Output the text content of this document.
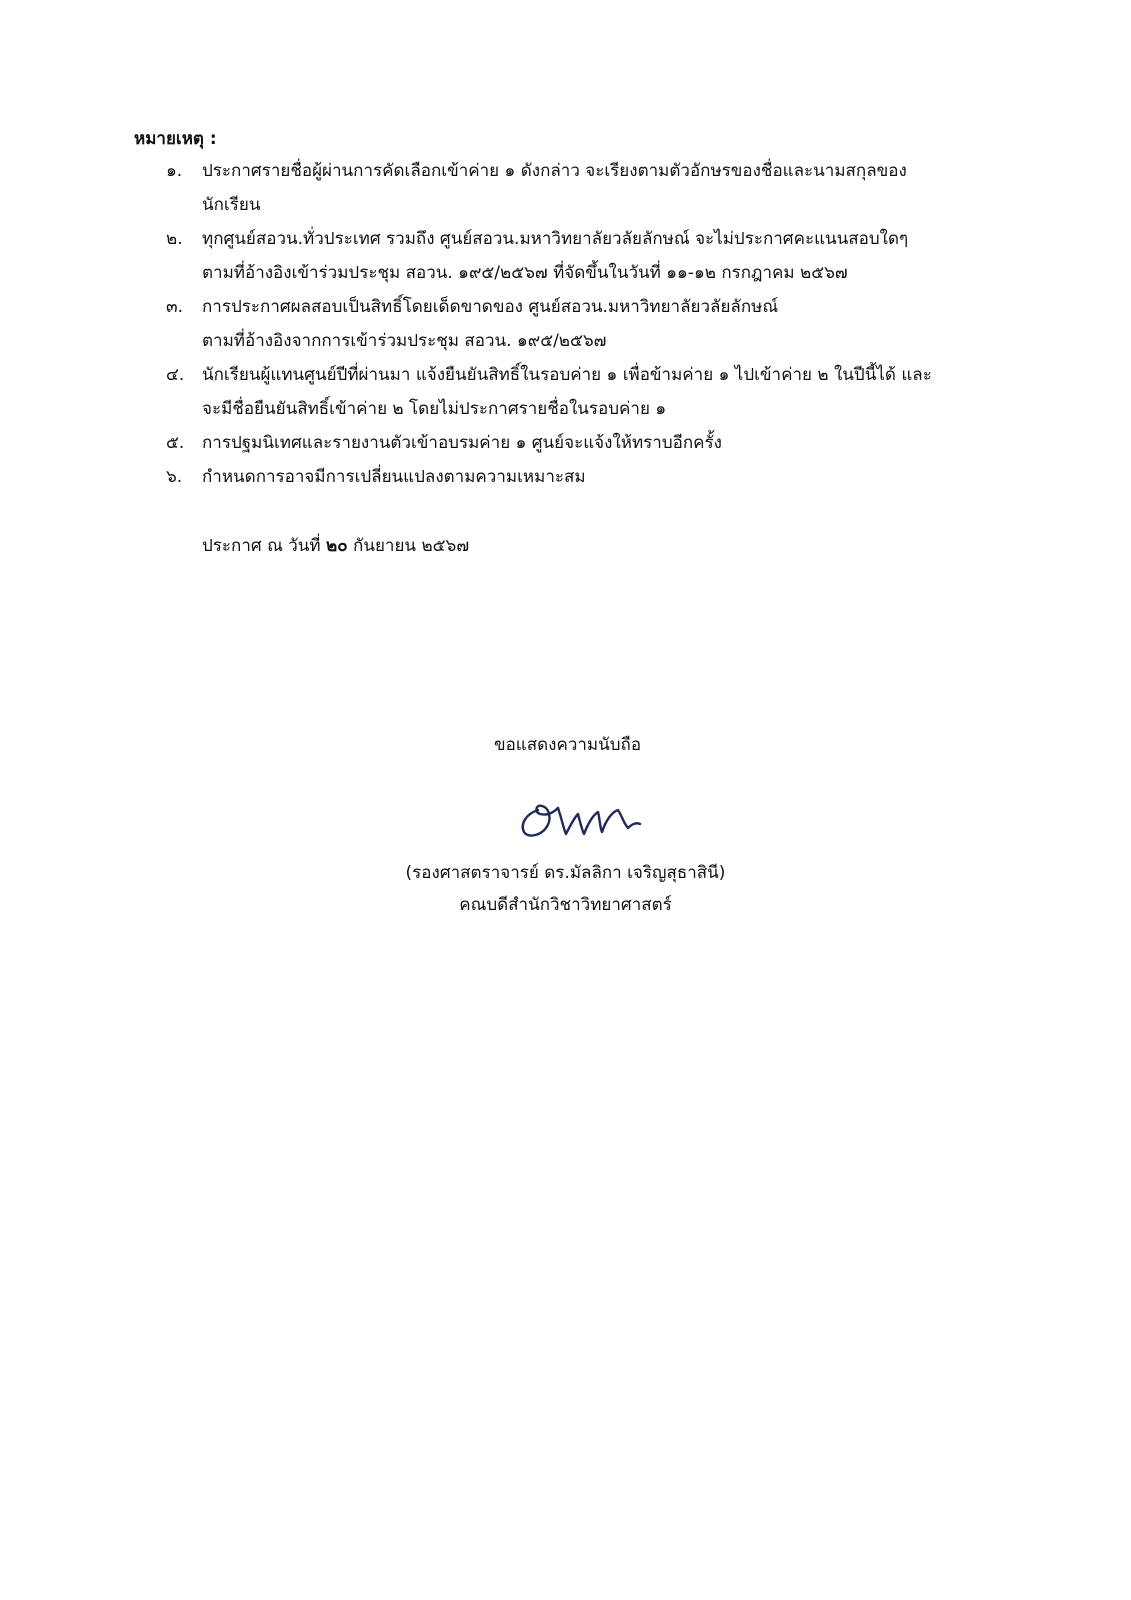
หมายเหตุ :
๑.	ประกาศรายชื่อผู้ผ่านการคัดเลือกเข้าค่าย ๑ ดังกล่าว จะเรียงตามตัวอักษรของชื่อและนามสกุลของ
นักเรียน
๒.	ทุกศูนย์สอวน.ทั่วประเทศ รวมถึง ศูนย์สอวน.มหาวิทยาลัยวลัยลักษณ์ จะไม่ประกาศคะแนนสอบใดๆ
ตามที่อ้างอิงเข้าร่วมประชุม สอวน. ๑๙๕/๒๕๖๗ ที่จัดขึ้นในวันที่ ๑๑-๑๒ กรกฎาคม ๒๕๖๗
๓.	การประกาศผลสอบเป็นสิทธิ์โดยเด็ดขาดของ ศูนย์สอวน.มหาวิทยาลัยวลัยลักษณ์
ตามที่อ้างอิงจากการเข้าร่วมประชุม สอวน. ๑๙๕/๒๕๖๗
๔.	นักเรียนผู้แทนศูนย์ปีที่ผ่านมา แจ้งยืนยันสิทธิ์ในรอบค่าย ๑ เพื่อข้ามค่าย ๑ ไปเข้าค่าย ๒ ในปีนี้ได้ และ
จะมีชื่อยืนยันสิทธิ์เข้าค่าย ๒ โดยไม่ประกาศรายชื่อในรอบค่าย ๑
๕.	การปฐมนิเทศและรายงานตัวเข้าอบรมค่าย ๑ ศูนย์จะแจ้งให้ทราบอีกครั้ง
๖.	กำหนดการอาจมีการเปลี่ยนแปลงตามความเหมาะสม
ประกาศ ณ วันที่ ๒๐ กันยายน ๒๕๖๗
ขอแสดงความนับถือ
(รองศาสตราจารย์ ดร.มัลลิกา เจริญสุธาสินี)
คณบดีสำนักวิชาวิทยาศาสตร์
